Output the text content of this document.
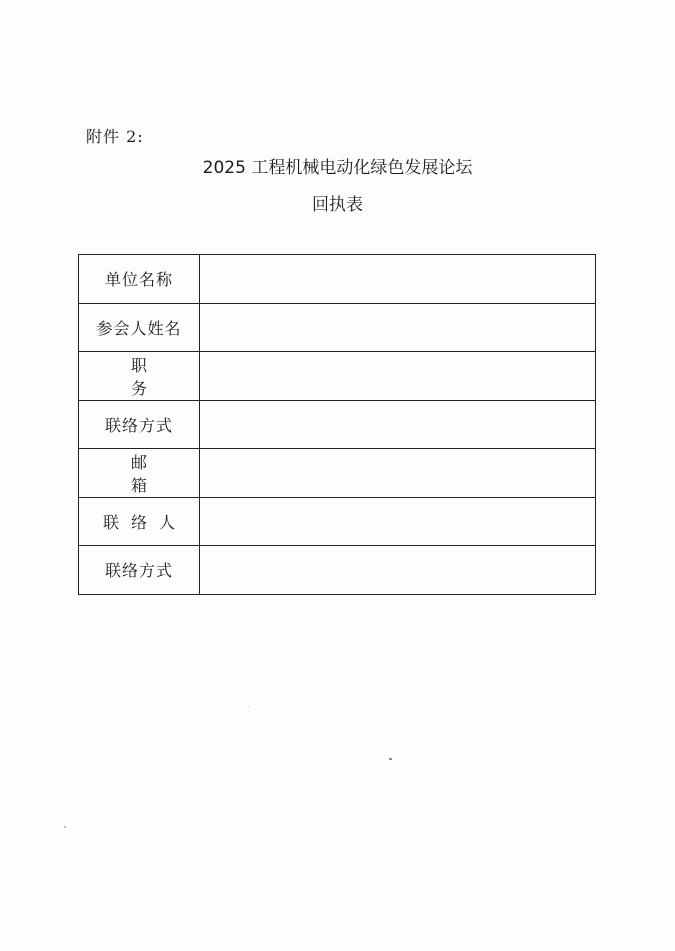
附件 2:
2025 工程机械电动化绿色发展论坛
回执表
单位名称	
参会人姓名	
职务	
联络方式	
邮箱	
联络人	
联络方式	
